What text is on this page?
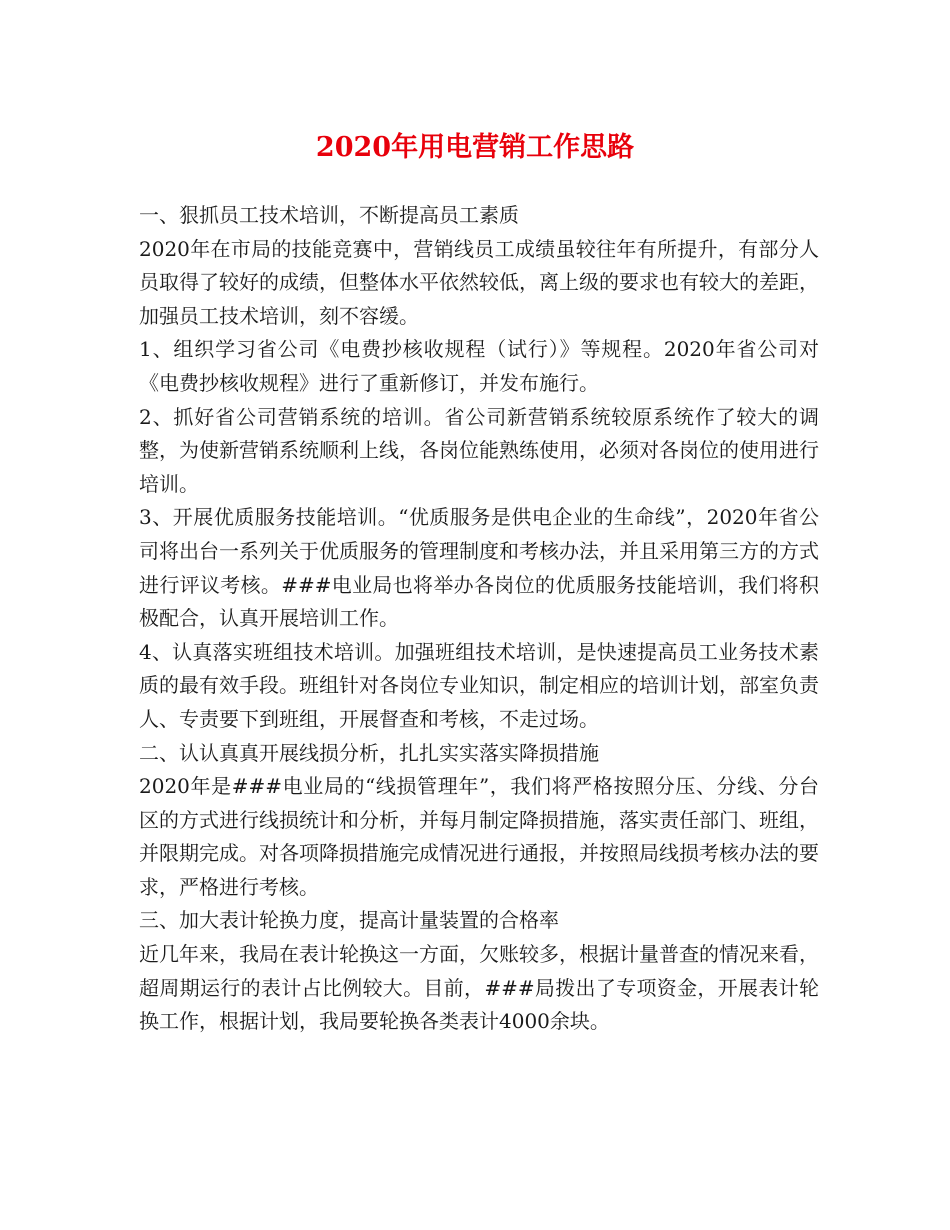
2020年用电营销工作思路

一、狠抓员工技术培训，不断提高员工素质

2020年在市局的技能竞赛中，营销线员工成绩虽较往年有所提升，有部分人员取得了较好的成绩，但整体水平依然较低，离上级的要求也有较大的差距，加强员工技术培训，刻不容缓。

1、组织学习省公司《电费抄核收规程（试行）》等规程。2020年省公司对《电费抄核收规程》进行了重新修订，并发布施行。

2、抓好省公司营销系统的培训。省公司新营销系统较原系统作了较大的调整，为使新营销系统顺利上线，各岗位能熟练使用，必须对各岗位的使用进行培训。

3、开展优质服务技能培训。“优质服务是供电企业的生命线”，2020年省公司将出台一系列关于优质服务的管理制度和考核办法，并且采用第三方的方式进行评议考核。###电业局也将举办各岗位的优质服务技能培训，我们将积极配合，认真开展培训工作。

4、认真落实班组技术培训。加强班组技术培训，是快速提高员工业务技术素质的最有效手段。班组针对各岗位专业知识，制定相应的培训计划，部室负责人、专责要下到班组，开展督查和考核，不走过场。

二、认认真真开展线损分析，扎扎实实落实降损措施

2020年是###电业局的“线损管理年”，我们将严格按照分压、分线、分台区的方式进行线损统计和分析，并每月制定降损措施，落实责任部门、班组，并限期完成。对各项降损措施完成情况进行通报，并按照局线损考核办法的要求，严格进行考核。

三、加大表计轮换力度，提高计量装置的合格率

近几年来，我局在表计轮换这一方面，欠账较多，根据计量普查的情况来看，超周期运行的表计占比例较大。目前，###局拨出了专项资金，开展表计轮换工作，根据计划，我局要轮换各类表计4000余块。
